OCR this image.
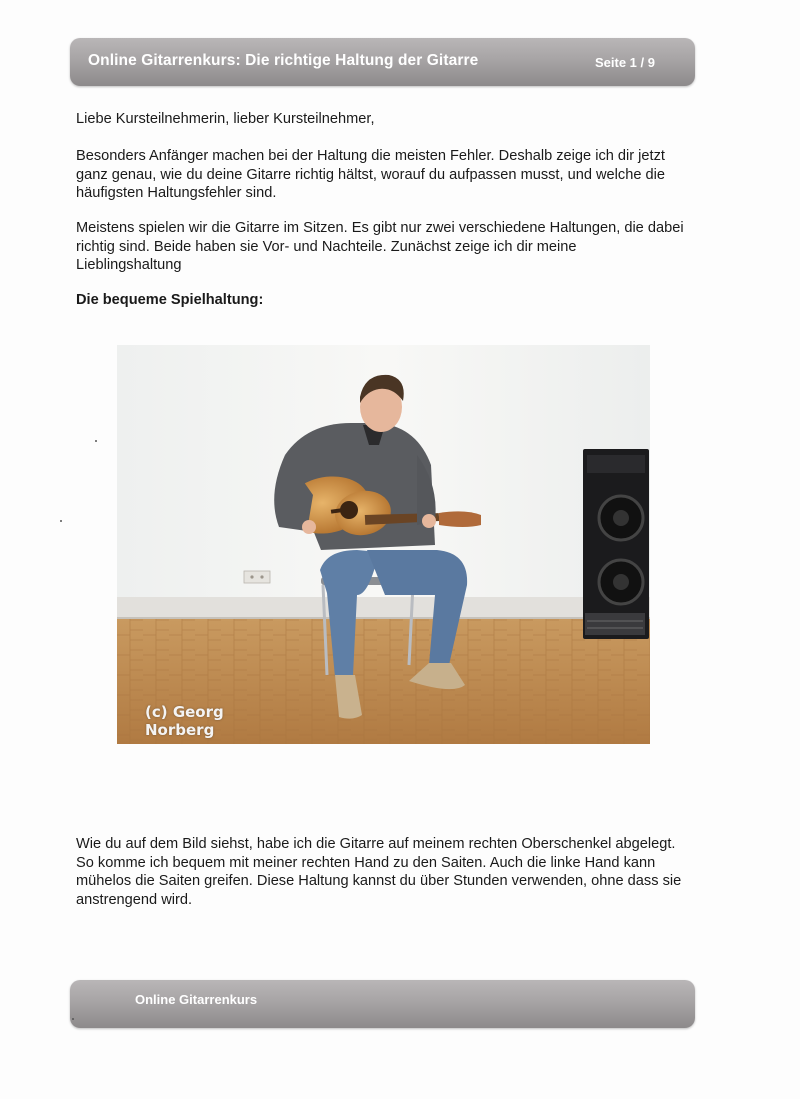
Online Gitarrenkurs: Die richtige Haltung der Gitarre	Seite 1 / 9

Liebe Kursteilnehmerin, lieber Kursteilnehmer,

Besonders Anfänger machen bei der Haltung die meisten Fehler. Deshalb zeige ich dir jetzt ganz genau, wie du deine Gitarre richtig hältst, worauf du aufpassen musst, und welche die häufigsten Haltungsfehler sind.

Meistens spielen wir die Gitarre im Sitzen. Es gibt nur zwei verschiedene Haltungen, die dabei richtig sind. Beide haben sie Vor- und Nachteile. Zunächst zeige ich dir meine Lieblingshaltung

Die bequeme Spielhaltung:

(c) Georg
Norberg

Wie du auf dem Bild siehst, habe ich die Gitarre auf meinem rechten Oberschenkel abgelegt. So komme ich bequem mit meiner rechten Hand zu den Saiten. Auch die linke Hand kann mühelos die Saiten greifen. Diese Haltung kannst du über Stunden verwenden, ohne dass sie anstrengend wird.

Online Gitarrenkurs
